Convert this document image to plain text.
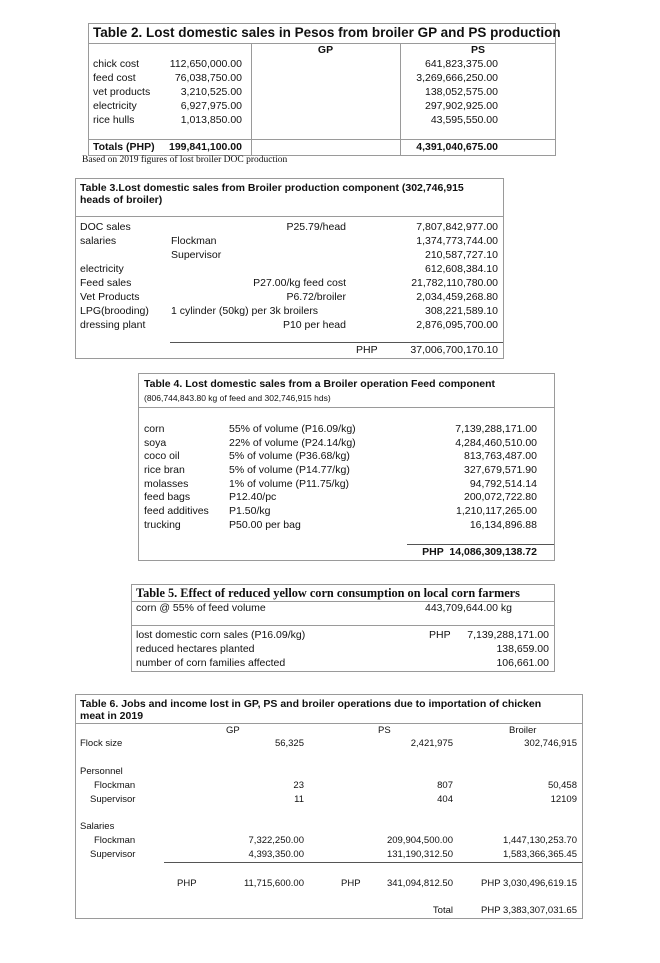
Table 2. Lost domestic sales in Pesos from broiler GP and PS production
GP	PS
chick cost	112,650,000.00	641,823,375.00
feed cost	76,038,750.00	3,269,666,250.00
vet products	3,210,525.00	138,052,575.00
electricity	6,927,975.00	297,902,925.00
rice hulls	1,013,850.00	43,595,550.00
Totals (PHP) 199,841,100.00	4,391,040,675.00
Based on 2019 figures of lost broiler DOC production
Table 3.Lost domestic sales from Broiler production component (302,746,915
heads of broiler)
DOC sales	P25.79/head	7,807,842,977.00
salaries	Flockman	1,374,773,744.00
Supervisor	210,587,727.10
electricity	612,608,384.10
Feed sales	P27.00/kg feed cost	21,782,110,780.00
Vet Products	P6.72/broiler	2,034,459,268.80
LPG(brooding) 1 cylinder (50kg) per 3k broilers	308,221,589.10
dressing plant	P10 per head	2,876,095,700.00
PHP	37,006,700,170.10
Table 4. Lost domestic sales from a Broiler operation Feed component
(806,744,843.80 kg of feed and 302,746,915 hds)
corn	55% of volume (P16.09/kg)	7,139,288,171.00
soya	22% of volume (P24.14/kg)	4,284,460,510.00
coco oil	5% of volume (P36.68/kg)	813,763,487.00
rice bran	5% of volume (P14.77/kg)	327,679,571.90
molasses	1% of volume (P11.75/kg)	94,792,514.14
feed bags	P12.40/pc	200,072,722.80
feed additives P1.50/kg	1,210,117,265.00
trucking	P50.00 per bag	16,134,896.88
PHP  14,086,309,138.72
Table 5. Effect of reduced yellow corn consumption on local corn farmers
corn @ 55% of feed volume	443,709,644.00 kg
lost domestic corn sales (P16.09/kg)	PHP 7,139,288,171.00
reduced hectares planted	138,659.00
number of corn families affected	106,661.00
Table 6. Jobs and income lost in GP, PS and broiler operations due to importation of chicken
meat in 2019
GP	PS	Broiler
Flock size	56,325	2,421,975	302,746,915
Personnel
Flockman	23	807	50,458
Supervisor	11	404	12109
Salaries
Flockman	7,322,250.00	209,904,500.00	1,447,130,253.70
Supervisor	4,393,350.00	131,190,312.50	1,583,366,365.45
PHP	11,715,600.00	PHP	341,094,812.50	PHP 3,030,496,619.15
Total	PHP 3,383,307,031.65
